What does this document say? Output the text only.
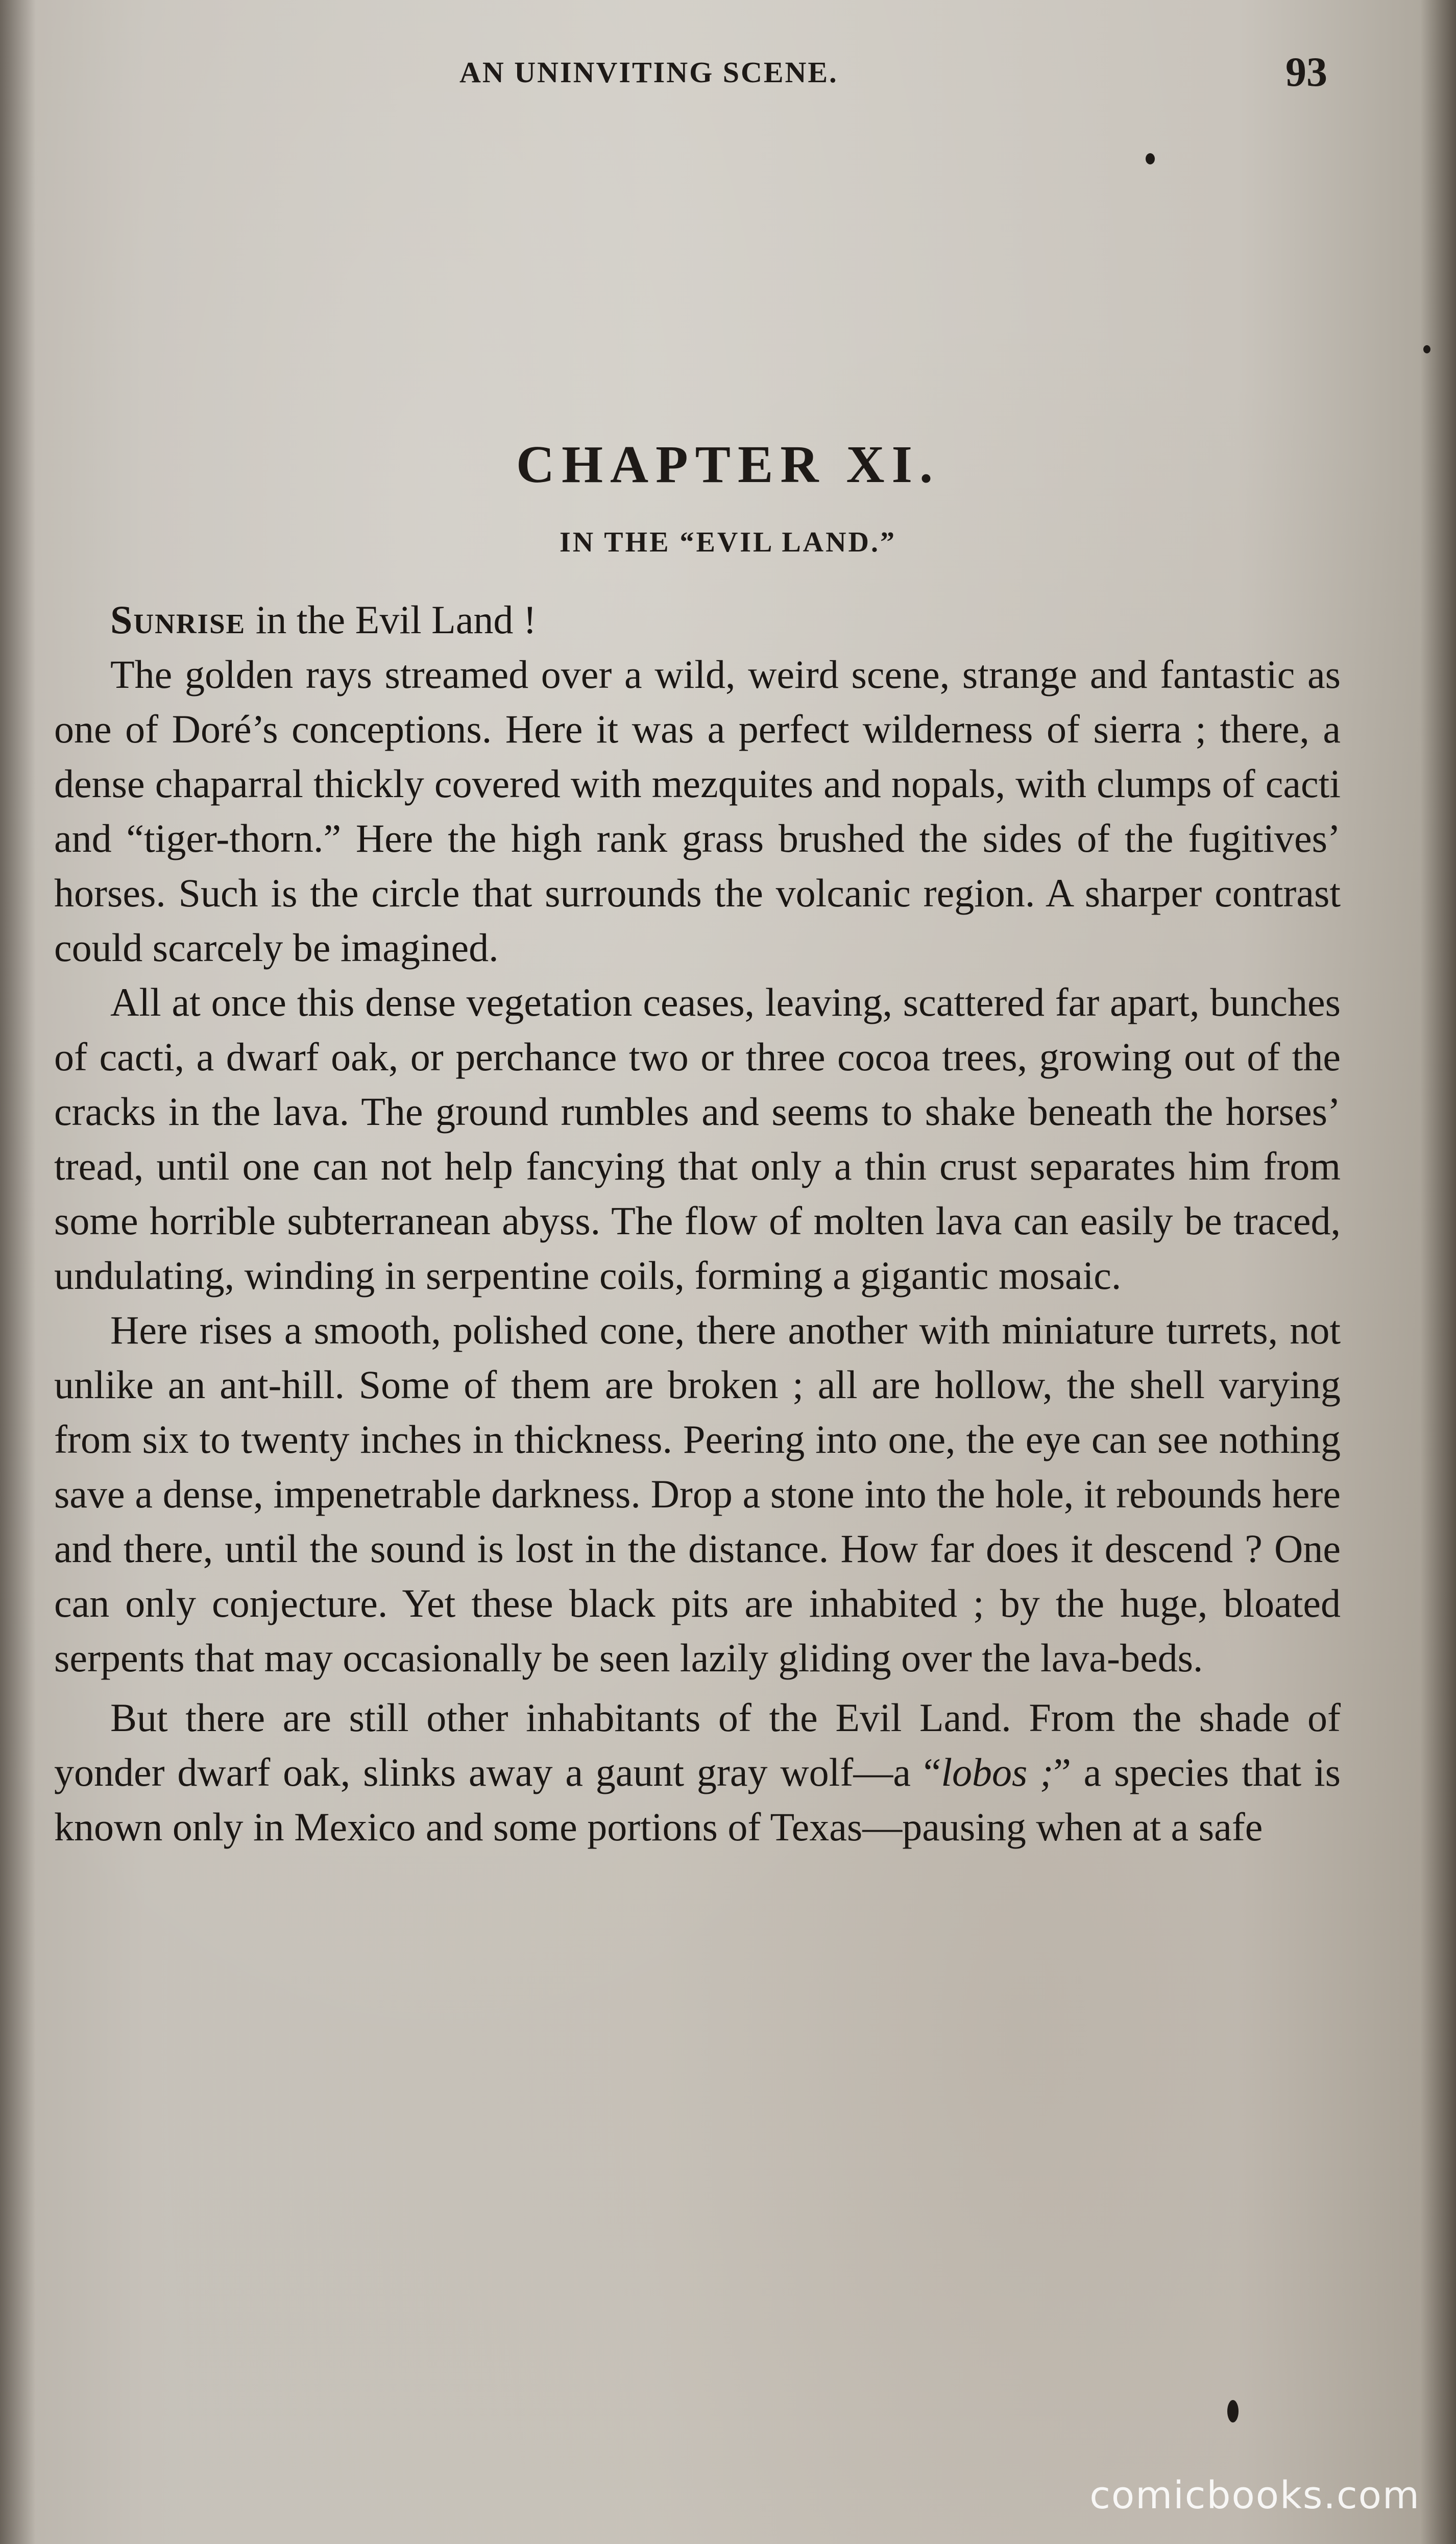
AN UNINVITING SCENE.	93
CHAPTER XI.
IN THE “EVIL LAND.”

Sunrise in the Evil Land !

The golden rays streamed over a wild, weird scene, strange and fantastic as one of Doré’s conceptions. Here it was a perfect wilderness of sierra ; there, a dense chaparral thickly covered with mezquites and nopals, with clumps of cacti and “tiger-thorn.” Here the high rank grass brushed the sides of the fugitives’ horses. Such is the circle that surrounds the volcanic region. A sharper contrast could scarcely be imagined.

All at once this dense vegetation ceases, leaving, scattered far apart, bunches of cacti, a dwarf oak, or perchance two or three cocoa trees, growing out of the cracks in the lava. The ground rumbles and seems to shake beneath the horses’ tread, until one can not help fancying that only a thin crust separates him from some horrible subterranean abyss. The flow of molten lava can easily be traced, undulating, winding in serpentine coils, forming a gigantic mosaic.

Here rises a smooth, polished cone, there another with miniature turrets, not unlike an ant-hill. Some of them are broken ; all are hollow, the shell varying from six to twenty inches in thickness. Peering into one, the eye can see nothing save a dense, impenetrable darkness. Drop a stone into the hole, it rebounds here and there, until the sound is lost in the distance. How far does it descend ? One can only conjecture. Yet these black pits are inhabited ; by the huge, bloated serpents that may occasionally be seen lazily gliding over the lava-beds.

But there are still other inhabitants of the Evil Land. From the shade of yonder dwarf oak, slinks away a gaunt gray wolf—a “lobos ;” a species that is known only in Mexico and some portions of Texas—pausing when at a safe

comicbooks.com
